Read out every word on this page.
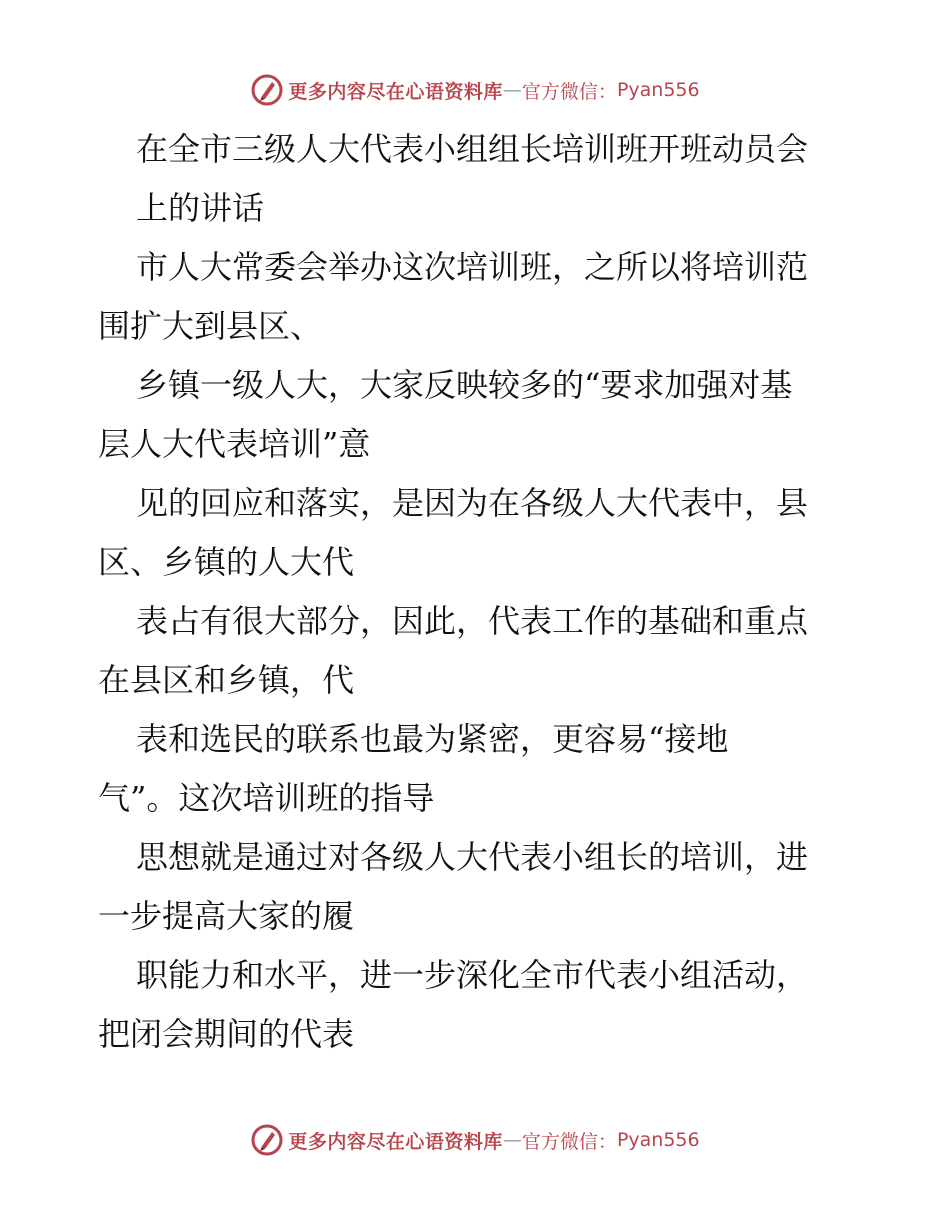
更多内容尽在心语资料库 — 官方微信： Pyan556

在全市三级人大代表小组组长培训班开班动员会
上的讲话

市人大常委会举办这次培训班，之所以将培训范
围扩大到县区、

乡镇一级人大，大家反映较多的“要求加强对基
层人大代表培训”意

见的回应和落实，是因为在各级人大代表中，县
区、乡镇的人大代

表占有很大部分，因此，代表工作的基础和重点
在县区和乡镇，代

表和选民的联系也最为紧密，更容易“接地
气”。这次培训班的指导

思想就是通过对各级人大代表小组长的培训，进
一步提高大家的履

职能力和水平，进一步深化全市代表小组活动，
把闭会期间的代表

更多内容尽在心语资料库 — 官方微信： Pyan556
